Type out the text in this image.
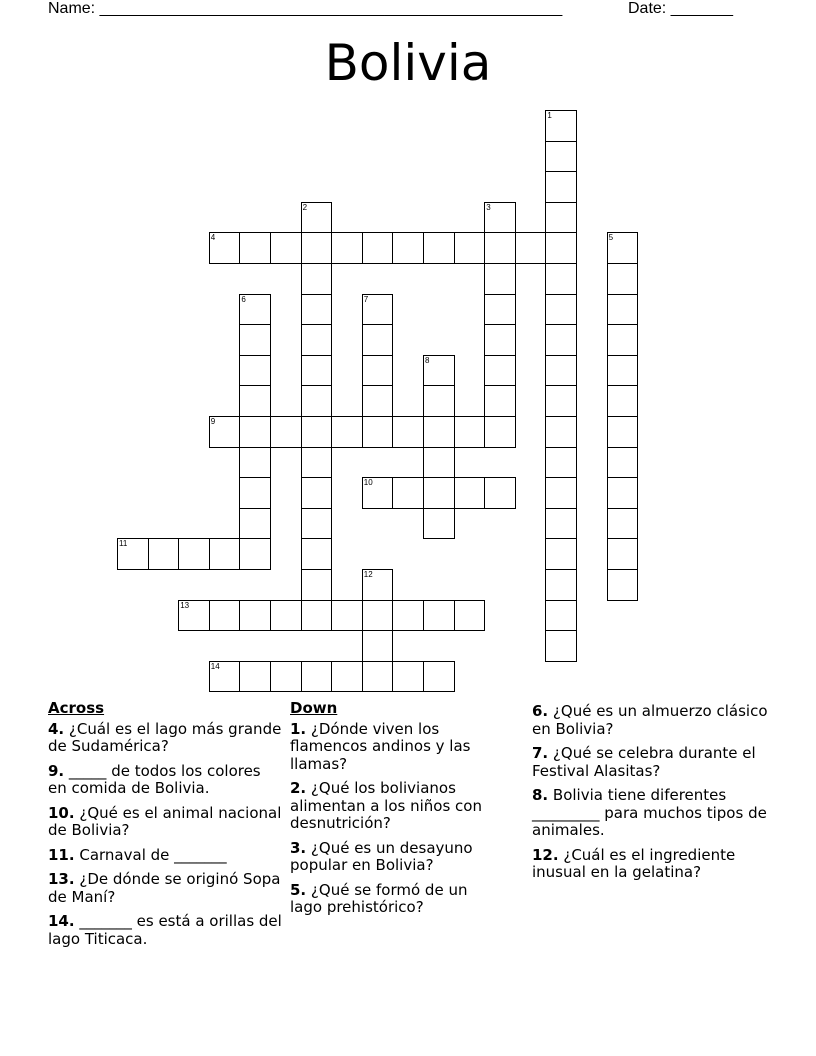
Name: ____________________________________________________	Date: _______
Bolivia
1
2	3
4	5
6	7
8
9
10
11
12
13
14
Across
4. ¿Cuál es el lago más grande de Sudamérica?
9. _____ de todos los colores en comida de Bolivia.
10. ¿Qué es el animal nacional de Bolivia?
11. Carnaval de _______
13. ¿De dónde se originó Sopa de Maní?
14. _______ es está a orillas del lago Titicaca.
Down
1. ¿Dónde viven los flamencos andinos y las llamas?
2. ¿Qué los bolivianos alimentan a los niños con desnutrición?
3. ¿Qué es un desayuno popular en Bolivia?
5. ¿Qué se formó de un lago prehistórico?
6. ¿Qué es un almuerzo clásico en Bolivia?
7. ¿Qué se celebra durante el Festival Alasitas?
8. Bolivia tiene diferentes _________ para muchos tipos de animales.
12. ¿Cuál es el ingrediente inusual en la gelatina?
